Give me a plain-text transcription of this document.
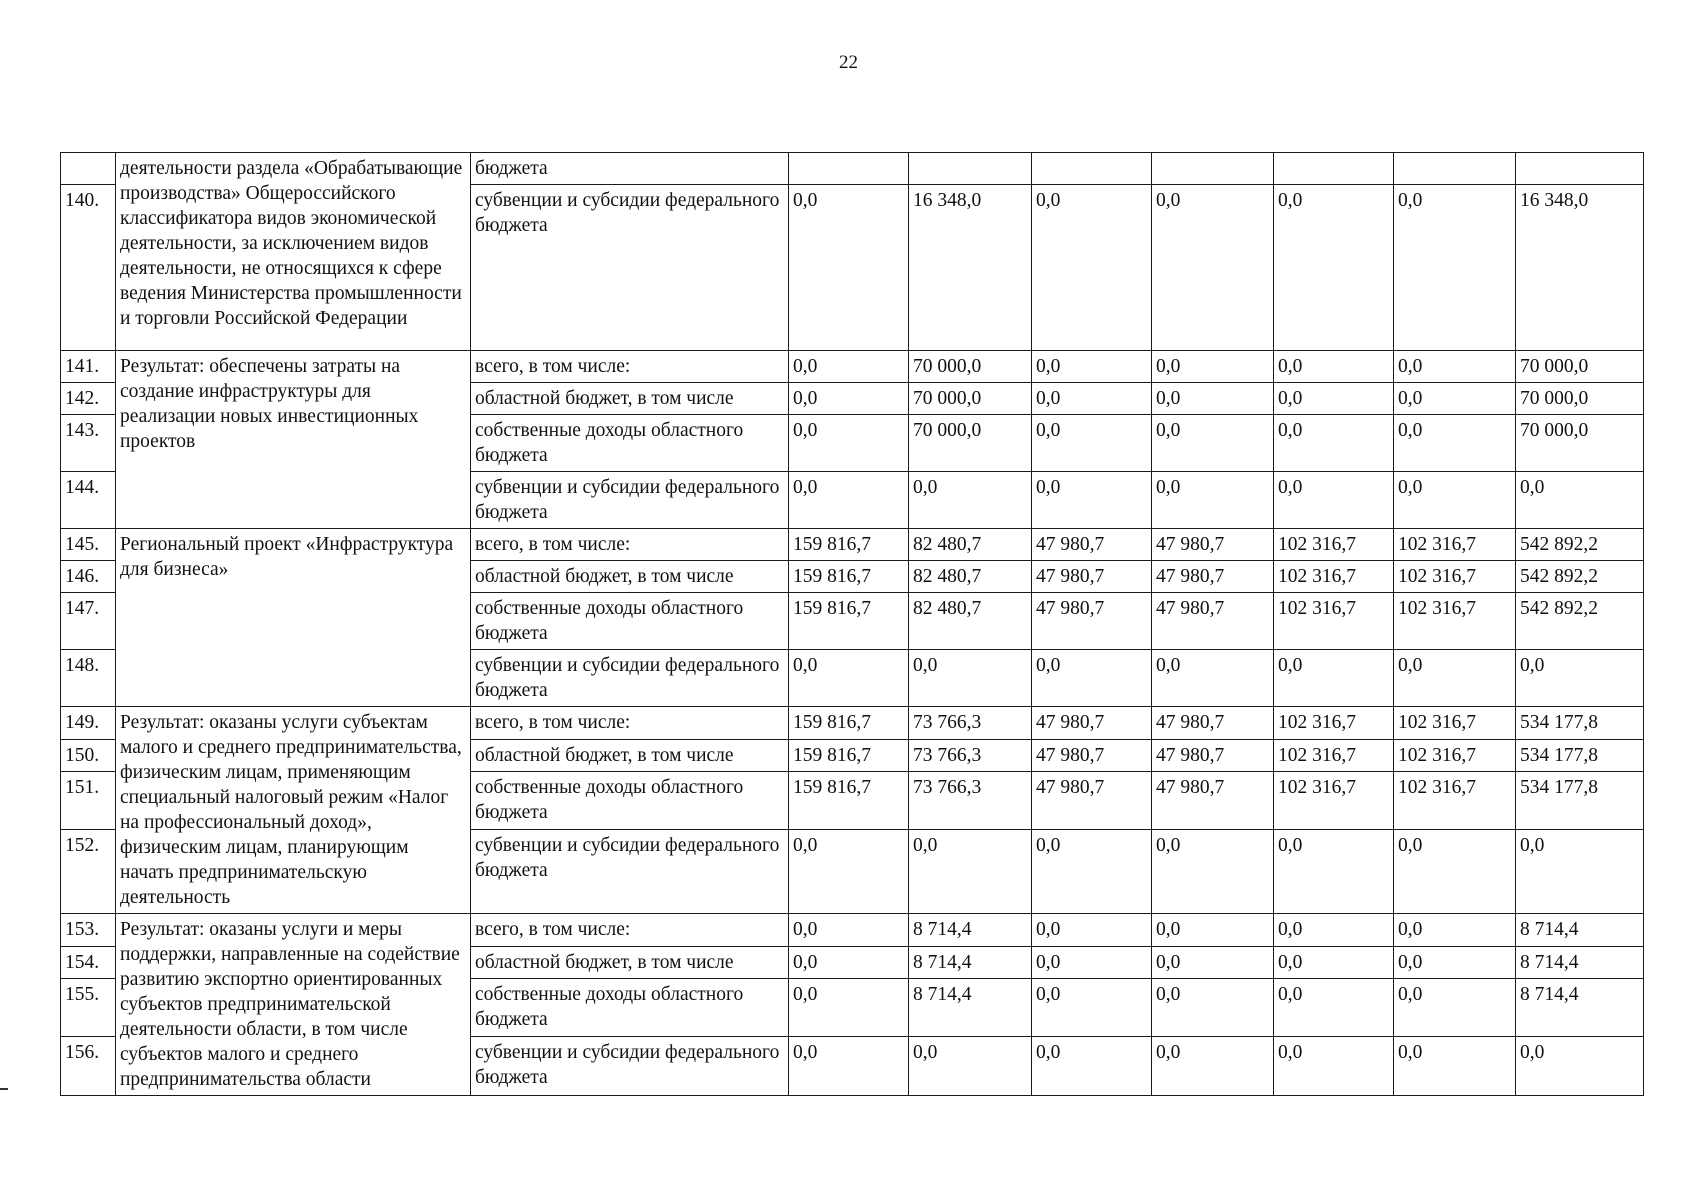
22
	деятельности раздела «Обрабатывающие производства» Общероссийского классификатора видов экономической деятельности, за исключением видов деятельности, не относящихся к сфере ведения Министерства промышленности и торговли Российской Федерации	бюджета							
140.		субвенции и субсидии федерального бюджета	0,0	16 348,0	0,0	0,0	0,0	0,0	16 348,0
141.	Результат: обеспечены затраты на создание инфраструктуры для реализации новых инвестиционных проектов	всего, в том числе:	0,0	70 000,0	0,0	0,0	0,0	0,0	70 000,0
142.		областной бюджет, в том числе	0,0	70 000,0	0,0	0,0	0,0	0,0	70 000,0
143.		собственные доходы областного бюджета	0,0	70 000,0	0,0	0,0	0,0	0,0	70 000,0
144.		субвенции и субсидии федерального бюджета	0,0	0,0	0,0	0,0	0,0	0,0	0,0
145.	Региональный проект «Инфраструктура для бизнеса»	всего, в том числе:	159 816,7	82 480,7	47 980,7	47 980,7	102 316,7	102 316,7	542 892,2
146.		областной бюджет, в том числе	159 816,7	82 480,7	47 980,7	47 980,7	102 316,7	102 316,7	542 892,2
147.		собственные доходы областного бюджета	159 816,7	82 480,7	47 980,7	47 980,7	102 316,7	102 316,7	542 892,2
148.		субвенции и субсидии федерального бюджета	0,0	0,0	0,0	0,0	0,0	0,0	0,0
149.	Результат: оказаны услуги субъектам малого и среднего предпринимательства, физическим лицам, применяющим специальный налоговый режим «Налог на профессиональный доход», физическим лицам, планирующим начать предпринимательскую деятельность	всего, в том числе:	159 816,7	73 766,3	47 980,7	47 980,7	102 316,7	102 316,7	534 177,8
150.		областной бюджет, в том числе	159 816,7	73 766,3	47 980,7	47 980,7	102 316,7	102 316,7	534 177,8
151.		собственные доходы областного бюджета	159 816,7	73 766,3	47 980,7	47 980,7	102 316,7	102 316,7	534 177,8
152.		субвенции и субсидии федерального бюджета	0,0	0,0	0,0	0,0	0,0	0,0	0,0
153.	Результат: оказаны услуги и меры поддержки, направленные на содействие развитию экспортно ориентированных субъектов предпринимательской деятельности области, в том числе субъектов малого и среднего предпринимательства области	всего, в том числе:	0,0	8 714,4	0,0	0,0	0,0	0,0	8 714,4
154.		областной бюджет, в том числе	0,0	8 714,4	0,0	0,0	0,0	0,0	8 714,4
155.		собственные доходы областного бюджета	0,0	8 714,4	0,0	0,0	0,0	0,0	8 714,4
156.		субвенции и субсидии федерального бюджета	0,0	0,0	0,0	0,0	0,0	0,0	0,0
